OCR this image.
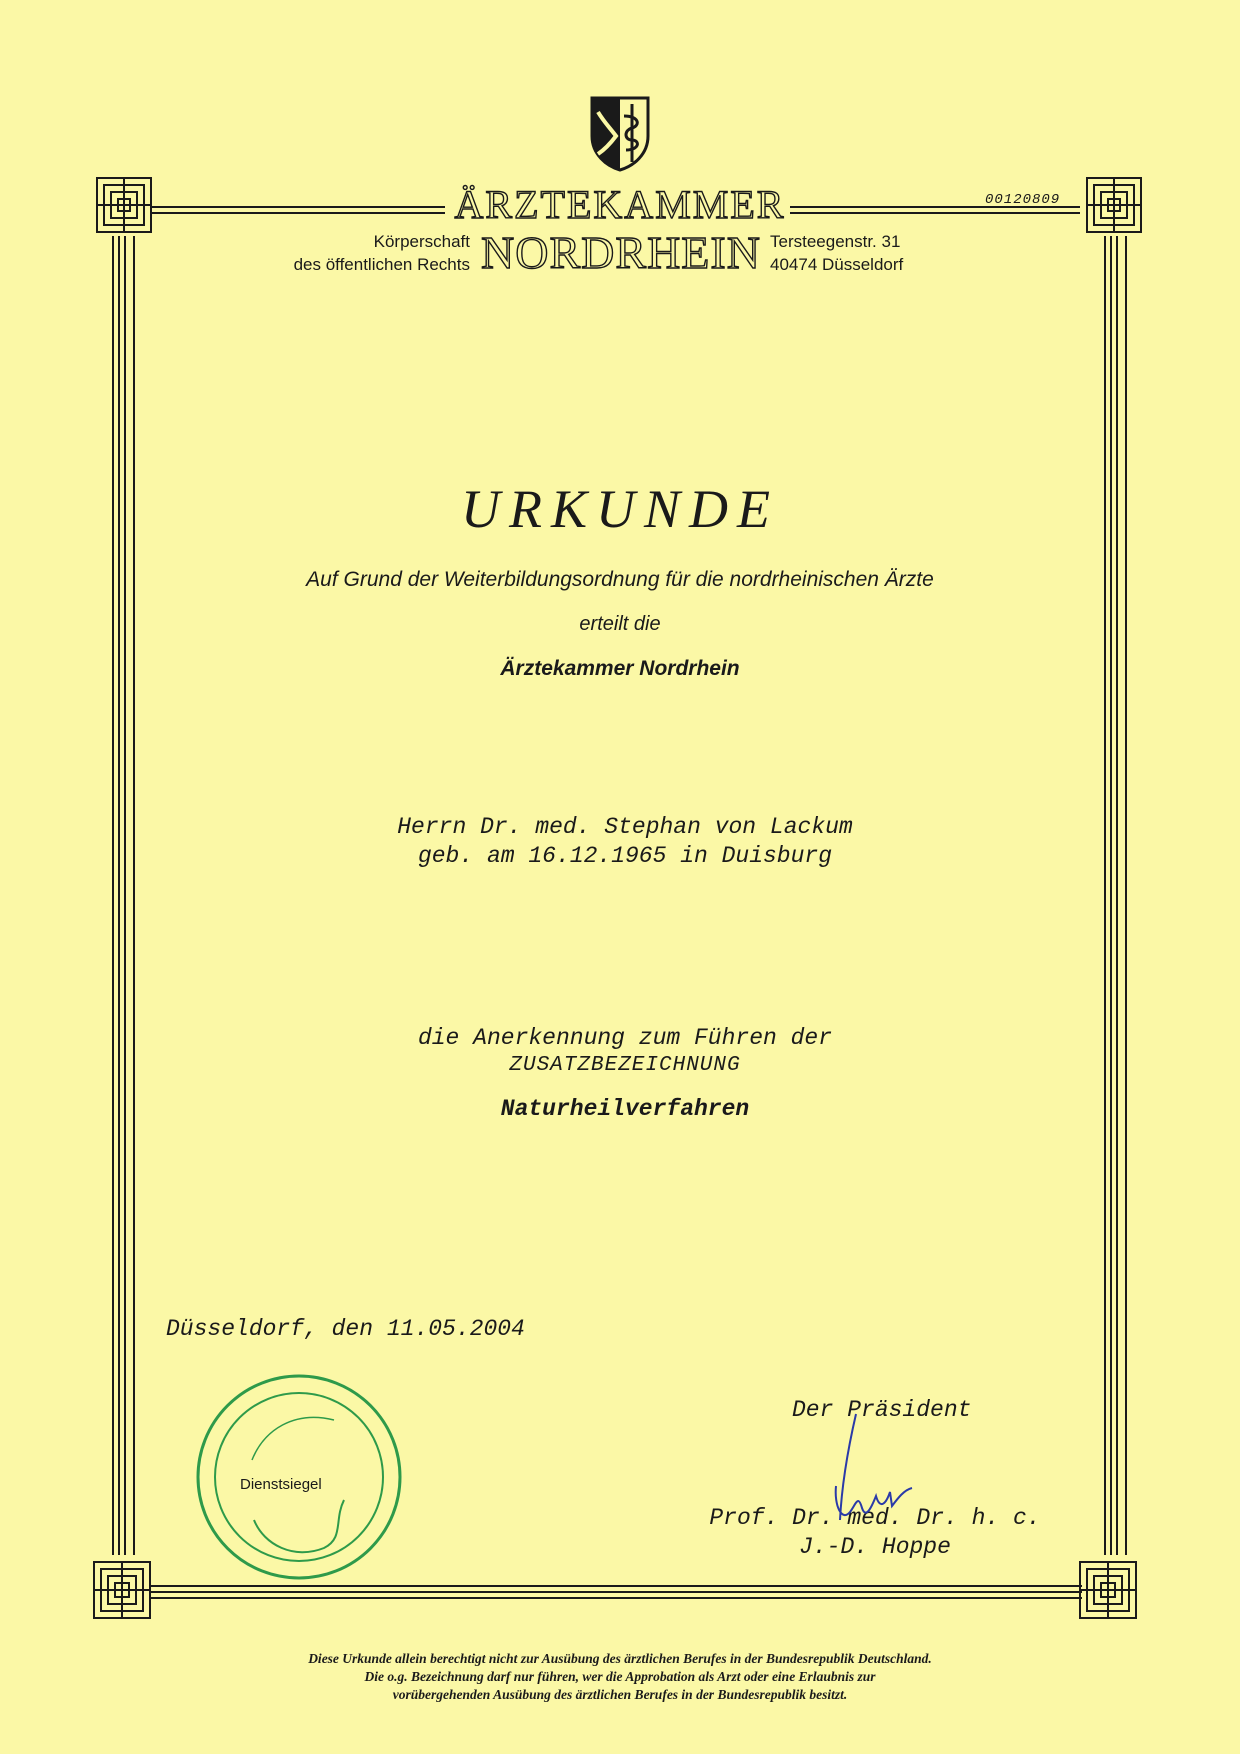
ÄRZTEKAMMER
NORDRHEIN
Körperschaft
des öffentlichen Rechts
Tersteegenstr. 31
40474 Düsseldorf
00120809
URKUNDE
Auf Grund der Weiterbildungsordnung für die nordrheinischen Ärzte
erteilt die
Ärztekammer Nordrhein
Herrn Dr. med. Stephan von Lackum
geb. am 16.12.1965 in Duisburg
die Anerkennung zum Führen der
ZUSATZBEZEICHNUNG
Naturheilverfahren
Düsseldorf, den 11.05.2004
Der Präsident
Prof. Dr. med. Dr. h. c.
J.-D. Hoppe
Dienstsiegel
Diese Urkunde allein berechtigt nicht zur Ausübung des ärztlichen Berufes in der Bundesrepublik Deutschland.
Die o.g. Bezeichnung darf nur führen, wer die Approbation als Arzt oder eine Erlaubnis zur
vorübergehenden Ausübung des ärztlichen Berufes in der Bundesrepublik besitzt.
